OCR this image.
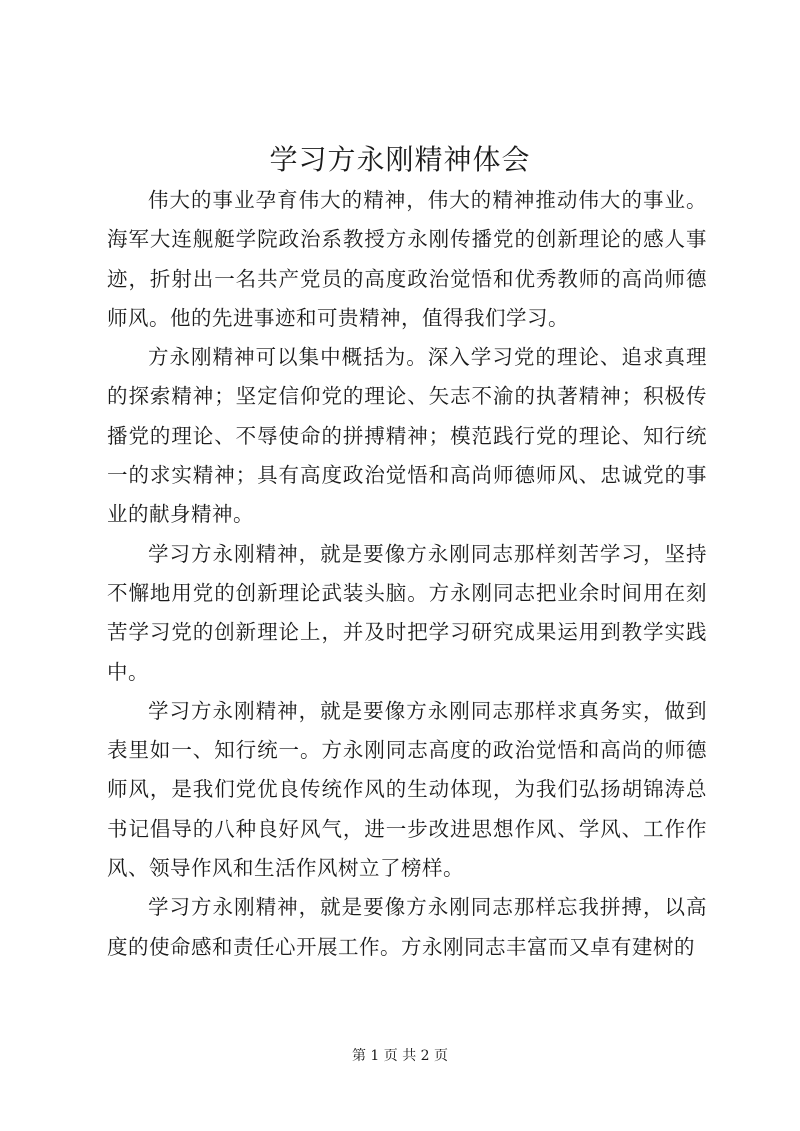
学习方永刚精神体会

伟大的事业孕育伟大的精神，伟大的精神推动伟大的事业。海军大连舰艇学院政治系教授方永刚传播党的创新理论的感人事迹，折射出一名共产党员的高度政治觉悟和优秀教师的高尚师德师风。他的先进事迹和可贵精神，值得我们学习。

方永刚精神可以集中概括为。深入学习党的理论、追求真理的探索精神；坚定信仰党的理论、矢志不渝的执著精神；积极传播党的理论、不辱使命的拼搏精神；模范践行党的理论、知行统一的求实精神；具有高度政治觉悟和高尚师德师风、忠诚党的事业的献身精神。

学习方永刚精神，就是要像方永刚同志那样刻苦学习，坚持不懈地用党的创新理论武装头脑。方永刚同志把业余时间用在刻苦学习党的创新理论上，并及时把学习研究成果运用到教学实践中。

学习方永刚精神，就是要像方永刚同志那样求真务实，做到表里如一、知行统一。方永刚同志高度的政治觉悟和高尚的师德师风，是我们党优良传统作风的生动体现，为我们弘扬胡锦涛总书记倡导的八种良好风气，进一步改进思想作风、学风、工作作风、领导作风和生活作风树立了榜样。

学习方永刚精神，就是要像方永刚同志那样忘我拼搏，以高度的使命感和责任心开展工作。方永刚同志丰富而又卓有建树的

第 1 页 共 2 页
